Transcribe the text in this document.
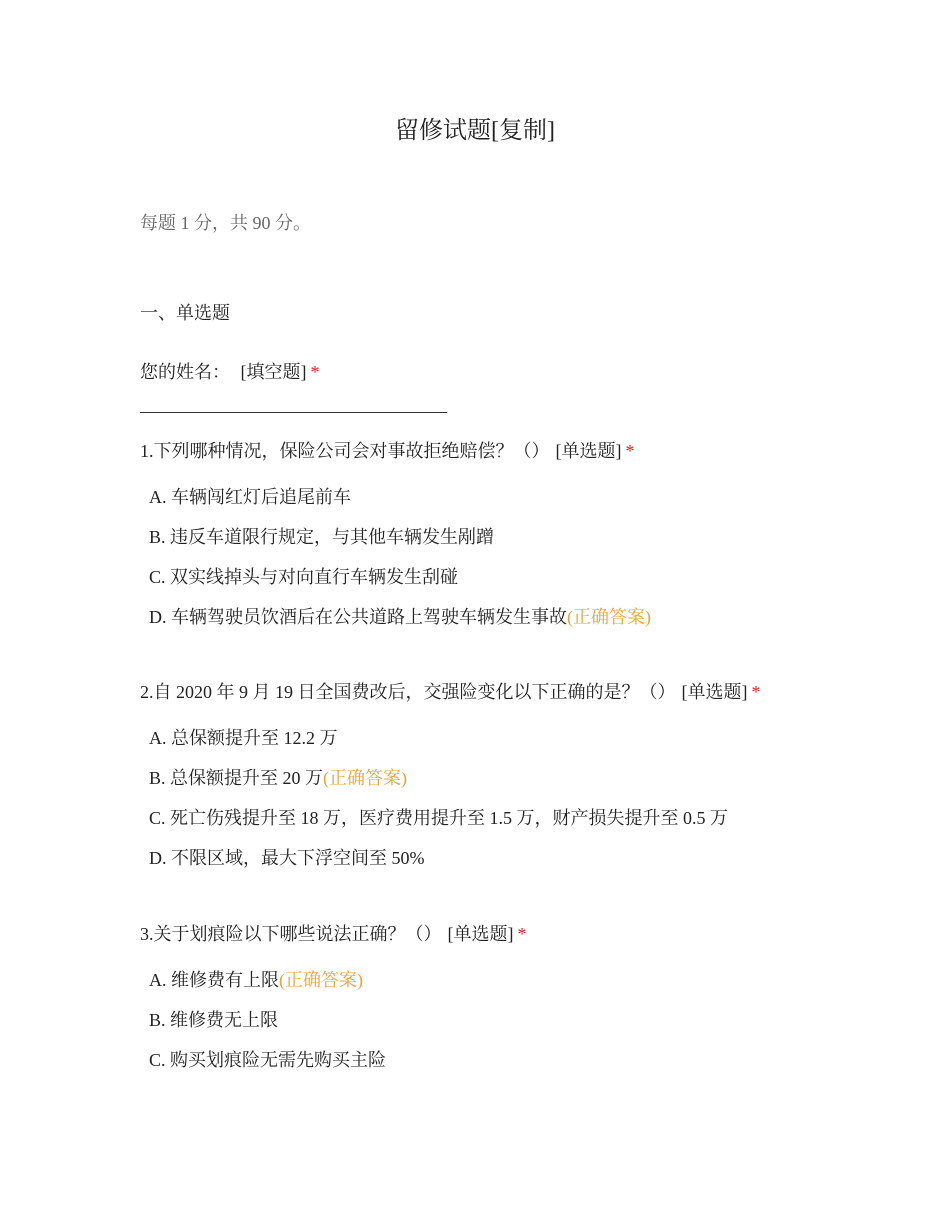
留修试题[复制]
每题 1 分，共 90 分。
一、单选题
您的姓名： [填空题] *
1.下列哪种情况，保险公司会对事故拒绝赔偿？（） [单选题] *
A. 车辆闯红灯后追尾前车
B. 违反车道限行规定，与其他车辆发生剐蹭
C. 双实线掉头与对向直行车辆发生刮碰
D. 车辆驾驶员饮酒后在公共道路上驾驶车辆发生事故(正确答案)
2.自 2020 年 9 月 19 日全国费改后，交强险变化以下正确的是？（） [单选题] *
A. 总保额提升至 12.2 万
B. 总保额提升至 20 万(正确答案)
C. 死亡伤残提升至 18 万，医疗费用提升至 1.5 万，财产损失提升至 0.5 万
D. 不限区域，最大下浮空间至 50%
3.关于划痕险以下哪些说法正确？（） [单选题] *
A. 维修费有上限(正确答案)
B. 维修费无上限
C. 购买划痕险无需先购买主险
